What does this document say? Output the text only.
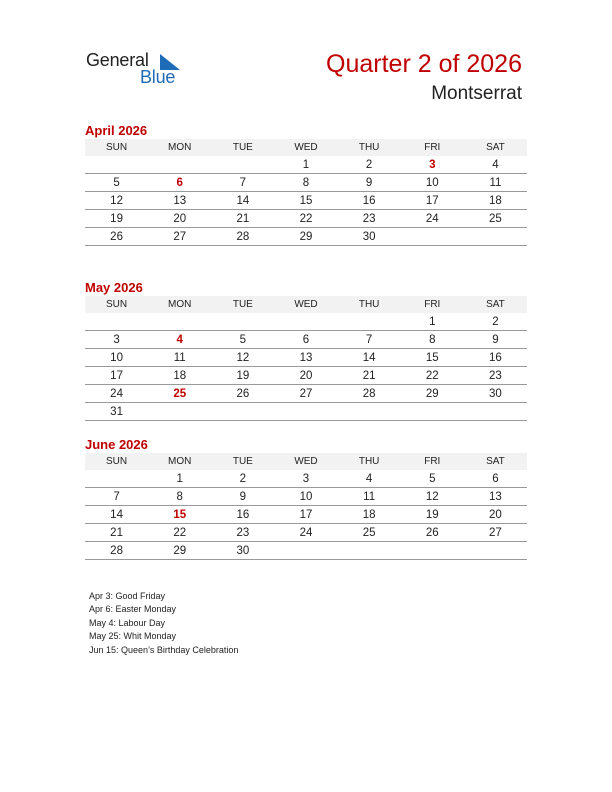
General
Blue	Quarter 2 of 2026
Montserrat
April 2026
SUN	MON	TUE	WED	THU	FRI	SAT
			1	2	3	4
5	6	7	8	9	10	11
12	13	14	15	16	17	18
19	20	21	22	23	24	25
26	27	28	29	30		
May 2026
SUN	MON	TUE	WED	THU	FRI	SAT
					1	2
3	4	5	6	7	8	9
10	11	12	13	14	15	16
17	18	19	20	21	22	23
24	25	26	27	28	29	30
31						
June 2026
SUN	MON	TUE	WED	THU	FRI	SAT
	1	2	3	4	5	6
7	8	9	10	11	12	13
14	15	16	17	18	19	20
21	22	23	24	25	26	27
28	29	30				
Apr 3: Good Friday
Apr 6: Easter Monday
May 4: Labour Day
May 25: Whit Monday
Jun 15: Queen’s Birthday Celebration
